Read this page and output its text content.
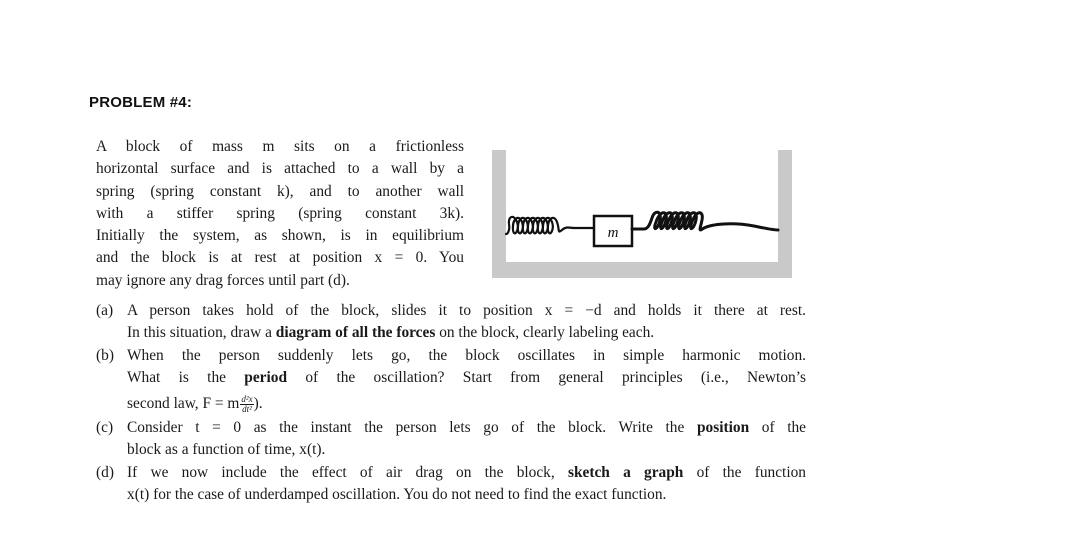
PROBLEM #4:
A block of mass m sits on a frictionless
horizontal surface and is attached to a wall by a
spring (spring constant k), and to another wall
with a stiffer spring (spring constant 3k).
Initially the system, as shown, is in equilibrium
and the block is at rest at position x = 0. You
may ignore any drag forces until part (d).
m
(a) A person takes hold of the block, slides it to position x = −d and holds it there at rest.
In this situation, draw a diagram of all the forces on the block, clearly labeling each.
(b) When the person suddenly lets go, the block oscillates in simple harmonic motion.
What is the period of the oscillation? Start from general principles (i.e., Newton’s
second law, F = m $\frac{\text{d²x}}{\text{dt²}}$ ).
(c) Consider t = 0 as the instant the person lets go of the block. Write the position of the
block as a function of time, x(t).
(d) If we now include the effect of air drag on the block, sketch a graph of the function
x(t) for the case of underdamped oscillation. You do not need to find the exact function.
